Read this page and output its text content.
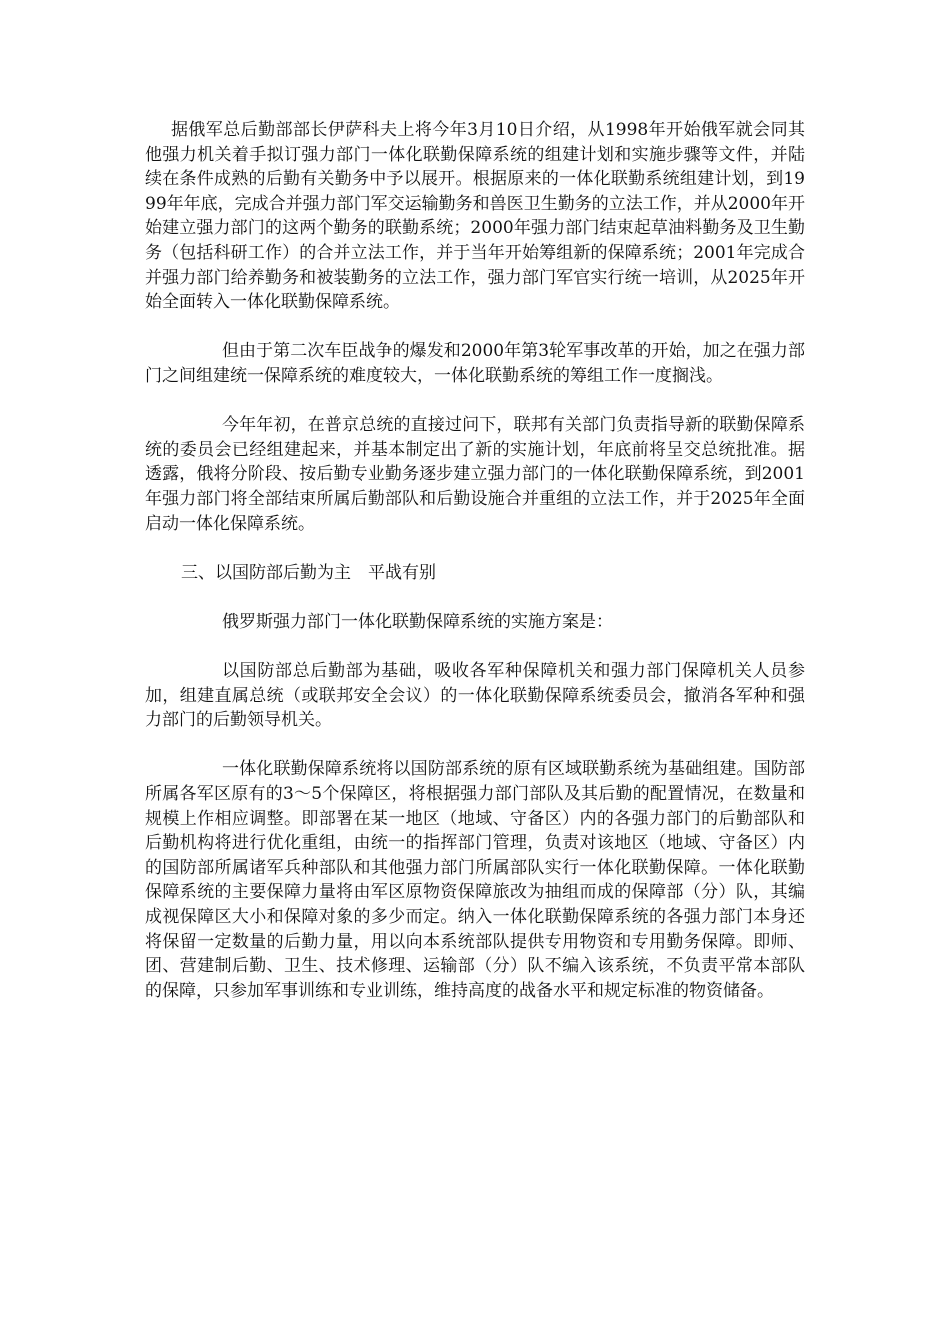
据俄军总后勤部部长伊萨科夫上将今年3月10日介绍，从1998年开始俄军就会同其他强力机关着手拟订强力部门一体化联勤保障系统的组建计划和实施步骤等文件，并陆续在条件成熟的后勤有关勤务中予以展开。根据原来的一体化联勤系统组建计划，到1999年年底，完成合并强力部门军交运输勤务和兽医卫生勤务的立法工作，并从2000年开始建立强力部门的这两个勤务的联勤系统；2000年强力部门结束起草油料勤务及卫生勤务（包括科研工作）的合并立法工作，并于当年开始筹组新的保障系统；2001年完成合并强力部门给养勤务和被装勤务的立法工作，强力部门军官实行统一培训，从2025年开始全面转入一体化联勤保障系统。

但由于第二次车臣战争的爆发和2000年第3轮军事改革的开始，加之在强力部门之间组建统一保障系统的难度较大，一体化联勤系统的筹组工作一度搁浅。

今年年初，在普京总统的直接过问下，联邦有关部门负责指导新的联勤保障系统的委员会已经组建起来，并基本制定出了新的实施计划，年底前将呈交总统批准。据透露，俄将分阶段、按后勤专业勤务逐步建立强力部门的一体化联勤保障系统，到2001年强力部门将全部结束所属后勤部队和后勤设施合并重组的立法工作，并于2025年全面启动一体化保障系统。

三、以国防部后勤为主　平战有别

俄罗斯强力部门一体化联勤保障系统的实施方案是：

以国防部总后勤部为基础，吸收各军种保障机关和强力部门保障机关人员参加，组建直属总统（或联邦安全会议）的一体化联勤保障系统委员会，撤消各军种和强力部门的后勤领导机关。

一体化联勤保障系统将以国防部系统的原有区域联勤系统为基础组建。国防部所属各军区原有的3～5个保障区，将根据强力部门部队及其后勤的配置情况，在数量和规模上作相应调整。即部署在某一地区（地域、守备区）内的各强力部门的后勤部队和后勤机构将进行优化重组，由统一的指挥部门管理，负责对该地区（地域、守备区）内的国防部所属诸军兵种部队和其他强力部门所属部队实行一体化联勤保障。一体化联勤保障系统的主要保障力量将由军区原物资保障旅改为抽组而成的保障部（分）队，其编成视保障区大小和保障对象的多少而定。纳入一体化联勤保障系统的各强力部门本身还将保留一定数量的后勤力量，用以向本系统部队提供专用物资和专用勤务保障。即师、团、营建制后勤、卫生、技术修理、运输部（分）队不编入该系统，不负责平常本部队的保障，只参加军事训练和专业训练，维持高度的战备水平和规定标准的物资储备。
